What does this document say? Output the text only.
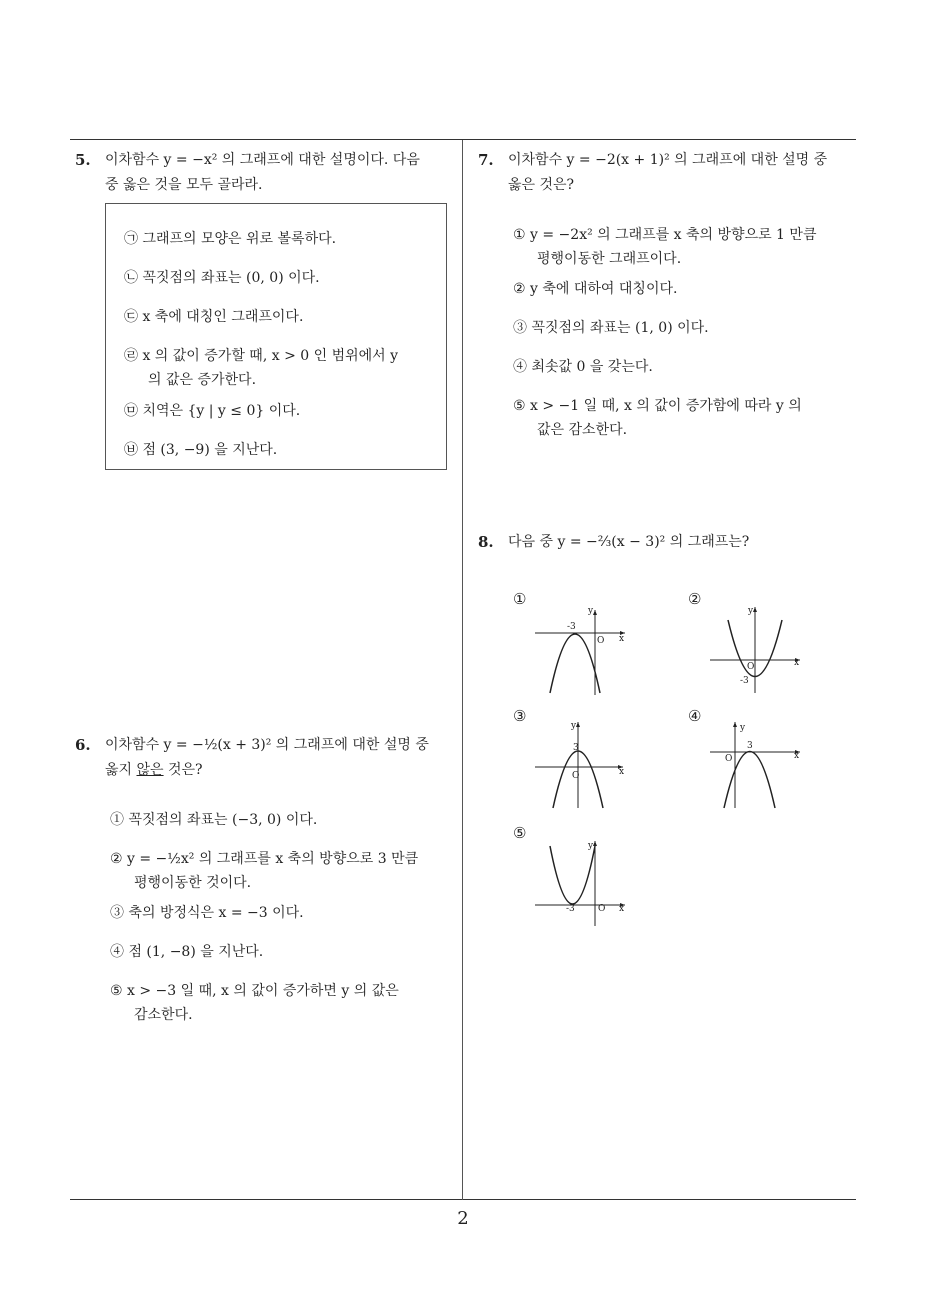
5. 이차함수 y = −x² 의 그래프에 대한 설명이다. 다음
중 옳은 것을 모두 골라라.
㉠ 그래프의 모양은 위로 볼록하다.
㉡ 꼭짓점의 좌표는 (0, 0) 이다.
㉢ x 축에 대칭인 그래프이다.
㉣ x 의 값이 증가할 때, x > 0 인 범위에서 y
의 값은 증가한다.
㉤ 치역은 {y | y ≤ 0} 이다.
㉥ 점 (3, −9) 을 지난다.
6. 이차함수 y = −½(x + 3)² 의 그래프에 대한 설명 중
옳지 않은 것은?
① 꼭짓점의 좌표는 (−3, 0) 이다.
② y = −½x² 의 그래프를 x 축의 방향으로 3 만큼
평행이동한 것이다.
③ 축의 방정식은 x = −3 이다.
④ 점 (1, −8) 을 지난다.
⑤ x > −3 일 때, x 의 값이 증가하면 y 의 값은
감소한다.
7. 이차함수 y = −2(x + 1)² 의 그래프에 대한 설명 중
옳은 것은?
① y = −2x² 의 그래프를 x 축의 방향으로 1 만큼
평행이동한 그래프이다.
② y 축에 대하여 대칭이다.
③ 꼭짓점의 좌표는 (1, 0) 이다.
④ 최솟값 0 을 갖는다.
⑤ x > −1 일 때, x 의 값이 증가함에 따라 y 의
값은 감소한다.
8. 다음 중 y = −⅔(x − 3)² 의 그래프는?
①
-3
O x
y
②
-3
O	x
y
③
3
O	x
y
④
3
O	x
y
⑤
-3	O x
y
2
